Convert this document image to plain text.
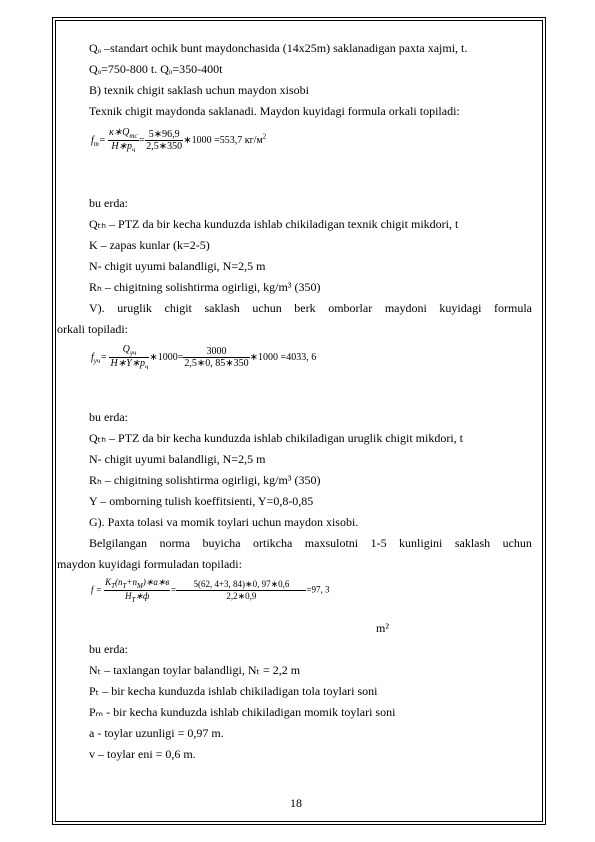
Qₒ –standart ochik bunt maydonchasida (14x25m) saklanadigan paxta xajmi, t.
Qₒ=750-800 t. Qₒ=350-400t
B) texnik chigit saklash uchun maydon xisobi
Texnik chigit maydonda saklanadi. Maydon kuyidagi formula orkali topiladi:
$f_m= \frac{к∗Q_{mc}}{H∗p_ч} = \frac{5∗96,9}{2,5∗350}$ ∗1000 =553,7 $кг/м^2$
bu erda:
Qₜₕ – PTZ da bir kecha kunduzda ishlab chikiladigan texnik chigit mikdori, t
K – zapas kunlar (k=2-5)
N- chigit uyumi balandligi, N=2,5 m
Rₕ – chigitning solishtirma ogirligi, kg/m³ (350)
V). uruglik chigit saklash uchun berk omborlar maydoni kuyidagi formula
orkali topiladi:
$f_{yч}= \frac{Q_{yч}}{H∗Y∗p_ч}$ ∗1000= $\frac{3000}{2,5∗0, 85∗350}$ ∗1000 =4033, 6
bu erda:
Qₜₕ – PTZ da bir kecha kunduzda ishlab chikiladigan uruglik chigit mikdori, t
N- chigit uyumi balandligi, N=2,5 m
Rₕ – chigitning solishtirma ogirligi, kg/m³ (350)
Y – omborning tulish koeffitsienti, Y=0,8-0,85
G). Paxta tolasi va momik toylari uchun maydon xisobi.
Belgilangan norma buyicha ortikcha maxsulotni 1-5 kunligini saklash uchun
maydon kuyidagi formuladan topiladi:
$f = \frac{K_T(n_T+n_M)∗a∗в}{H_T∗ф} = \frac{5(62, 4+3, 84)∗0, 97∗0,6}{2,2∗0,9} =97$, 3
m²
bu erda:
Nₜ – taxlangan toylar balandligi, Nₜ = 2,2 m
Pₜ – bir kecha kunduzda ishlab chikiladigan tola toylari soni
Pₘ - bir kecha kunduzda ishlab chikiladigan momik toylari soni
a - toylar uzunligi = 0,97 m.
v – toylar eni = 0,6 m.
18
